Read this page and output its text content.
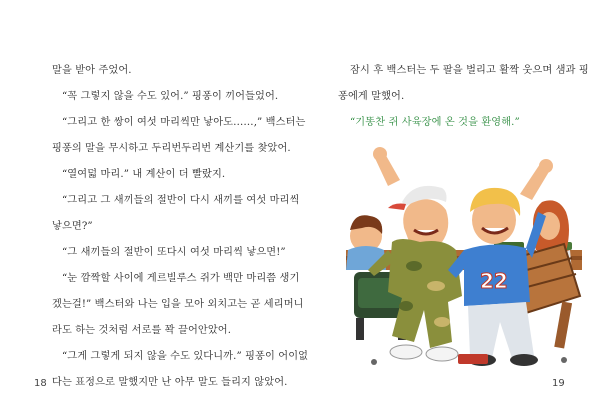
말을 받아 주었어.
“꼭 그렇지 않을 수도 있어.” 핑퐁이 끼어들었어.
“그리고 한 쌍이 여섯 마리씩만 낳아도……,” 백스터는
핑퐁의 말을 무시하고 두리번두리번 계산기를 찾았어.
“열여덟 마리.” 내 계산이 더 빨랐지.
“그리고 그 새끼들의 절반이 다시 새끼를 여섯 마리씩
낳으면?”
“그 새끼들의 절반이 또다시 여섯 마리씩 낳으면!”
“눈 깜짝할 사이에 게르빌루스 쥐가 백만 마리쯤 생기
겠는걸!” 백스터와 나는 입을 모아 외치고는 곧 세리머니
라도 하는 것처럼 서로를 꽉 끌어안았어.
“그게 그렇게 되지 않을 수도 있다니까.” 핑퐁이 어이없
다는 표정으로 말했지만 난 아무 말도 들리지 않았어.
18
잠시 후 백스터는 두 팔을 벌리고 활짝 웃으며 샘과 핑
퐁에게 말했어.
“기똥찬 쥐 사육장에 온 것을 환영해.”
22
19
